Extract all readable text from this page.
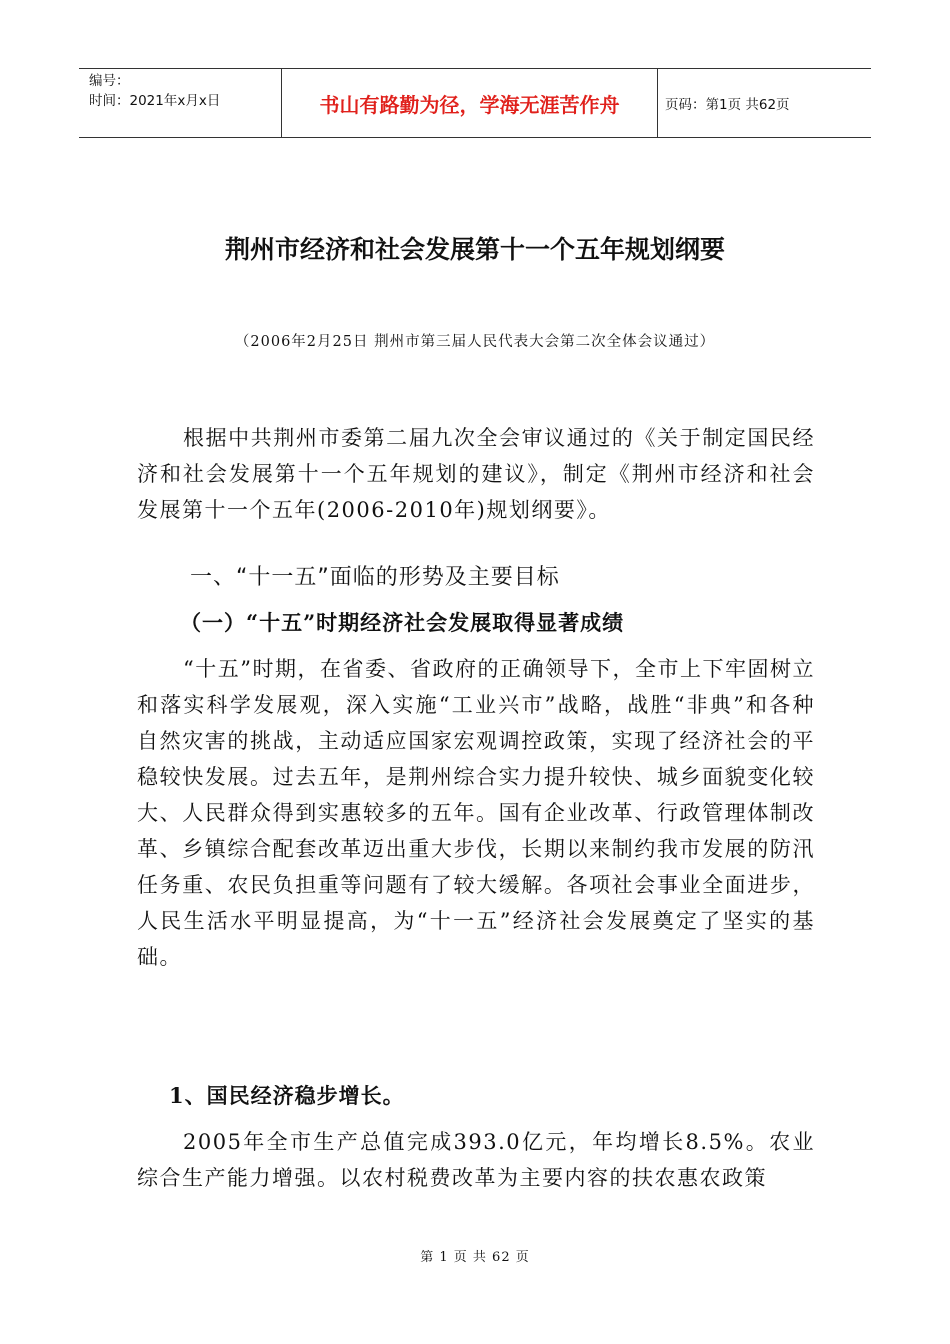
编号：
时间：2021年x月x日	书山有路勤为径，学海无涯苦作舟	页码：第1页 共62页
荆州市经济和社会发展第十一个五年规划纲要
（2006年2月25日 荆州市第三届人民代表大会第二次全体会议通过）
根据中共荆州市委第二届九次全会审议通过的《关于制定国民经济和社会发展第十一个五年规划的建议》，制定《荆州市经济和社会发展第十一个五年(2006-2010年)规划纲要》。
一、“十一五”面临的形势及主要目标
（一）“十五”时期经济社会发展取得显著成绩
“十五”时期，在省委、省政府的正确领导下，全市上下牢固树立和落实科学发展观，深入实施“工业兴市”战略，战胜“非典”和各种自然灾害的挑战，主动适应国家宏观调控政策，实现了经济社会的平稳较快发展。过去五年，是荆州综合实力提升较快、城乡面貌变化较大、人民群众得到实惠较多的五年。国有企业改革、行政管理体制改革、乡镇综合配套改革迈出重大步伐，长期以来制约我市发展的防汛任务重、农民负担重等问题有了较大缓解。各项社会事业全面进步，人民生活水平明显提高，为“十一五”经济社会发展奠定了坚实的基础。
1、国民经济稳步增长。
2005年全市生产总值完成393.0亿元，年均增长8.5%。农业综合生产能力增强。以农村税费改革为主要内容的扶农惠农政策
第 1 页 共 62 页
